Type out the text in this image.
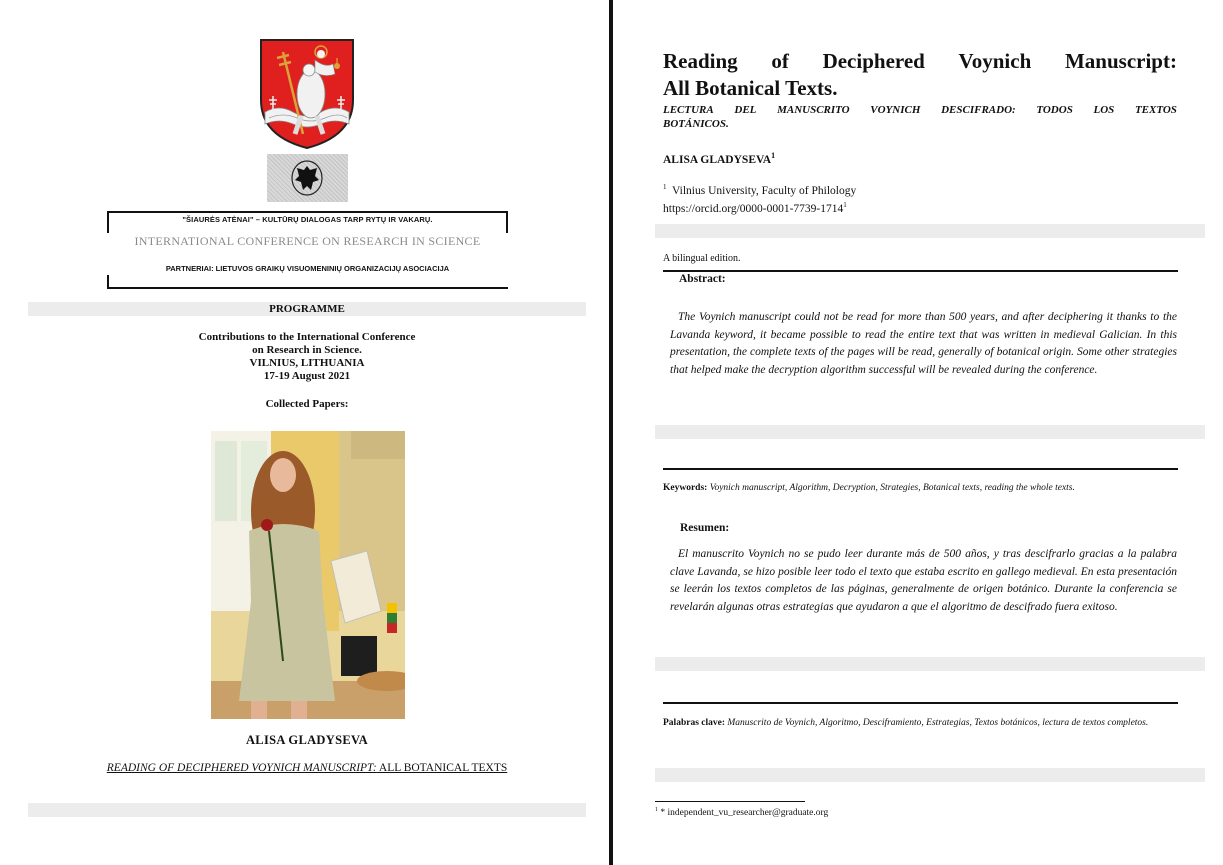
"ŠIAURĖS ATĖNAI" – KULTŪRŲ DIALOGAS TARP RYTŲ IR VAKARŲ.
INTERNATIONAL CONFERENCE ON RESEARCH IN SCIENCE
PARTNERIAI: LIETUVOS GRAIKŲ VISUOMENINIŲ ORGANIZACIJŲ ASOCIACIJA
PROGRAMME
Contributions to the International Conference
on Research in Science.
VILNIUS, LITHUANIA
17-19 August 2021
Collected Papers:
ALISA GLADYSEVA
READING OF DECIPHERED VOYNICH MANUSCRIPT: ALL BOTANICAL TEXTS
Reading of Deciphered Voynich Manuscript:
All Botanical Texts.
LECTURA DEL MANUSCRITO VOYNICH DESCIFRADO: TODOS LOS TEXTOS
BOTÁNICOS.
ALISA GLADYSEVA$^1$
$^1$ Vilnius University, Faculty of Philology
https://orcid.org/0000-0001-7739-1714$^1$
A bilingual edition.
Abstract:
The Voynich manuscript could not be read for more than 500 years, and after deciphering it thanks to the Lavanda keyword, it became possible to read the entire text that was written in medieval Galician. In this presentation, the complete texts of the pages will be read, generally of botanical origin. Some other strategies that helped make the decryption algorithm successful will be revealed during the conference.
Keywords: Voynich manuscript, Algorithm, Decryption, Strategies, Botanical texts, reading the whole texts.
Resumen:
El manuscrito Voynich no se pudo leer durante más de 500 años, y tras descifrarlo gracias a la palabra clave Lavanda, se hizo posible leer todo el texto que estaba escrito en gallego medieval. En esta presentación se leerán los textos completos de las páginas, generalmente de origen botánico. Durante la conferencia se revelarán algunas otras estrategias que ayudaron a que el algoritmo de descifrado fuera exitoso.
Palabras clave: Manuscrito de Voynich, Algoritmo, Desciframiento, Estrategias, Textos botánicos, lectura de textos completos.
$^1$ * independent_vu_researcher@graduate.org
